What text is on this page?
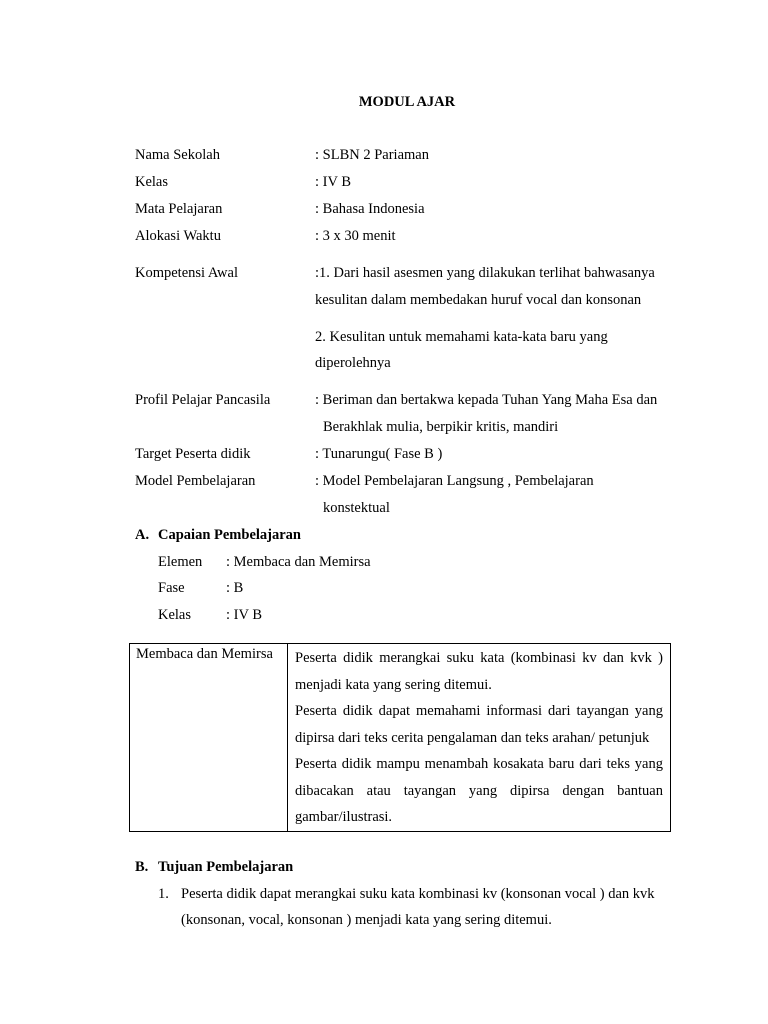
MODUL AJAR
Nama Sekolah	: SLBN 2 Pariaman
Kelas	: IV B
Mata Pelajaran	: Bahasa Indonesia
Alokasi Waktu	: 3 x 30 menit
Kompetensi Awal	:1. Dari hasil asesmen yang dilakukan terlihat bahwasanya
kesulitan dalam membedakan huruf vocal dan konsonan
2. Kesulitan untuk memahami kata-kata baru yang
diperolehnya
Profil Pelajar Pancasila	: Beriman dan bertakwa kepada Tuhan Yang Maha Esa dan
Berakhlak mulia, berpikir kritis, mandiri
Target Peserta didik	: Tunarungu( Fase B )
Model Pembelajaran	: Model Pembelajaran Langsung , Pembelajaran
konstektual
A. Capaian Pembelajaran
Elemen : Membaca dan Memirsa
Fase	: B
Kelas : IV B
Membaca dan Memirsa	Peserta didik merangkai suku kata (kombinasi kv dan kvk ) menjadi kata yang sering ditemui.

Peserta didik dapat memahami informasi dari tayangan yang dipirsa dari teks cerita pengalaman dan teks arahan/ petunjuk

Peserta didik mampu menambah kosakata baru dari teks yang dibacakan atau tayangan yang dipirsa dengan bantuan gambar/ilustrasi.

B. Tujuan Pembelajaran
1. Peserta didik dapat merangkai suku kata kombinasi kv (konsonan vocal ) dan kvk
(konsonan, vocal, konsonan ) menjadi kata yang sering ditemui.
